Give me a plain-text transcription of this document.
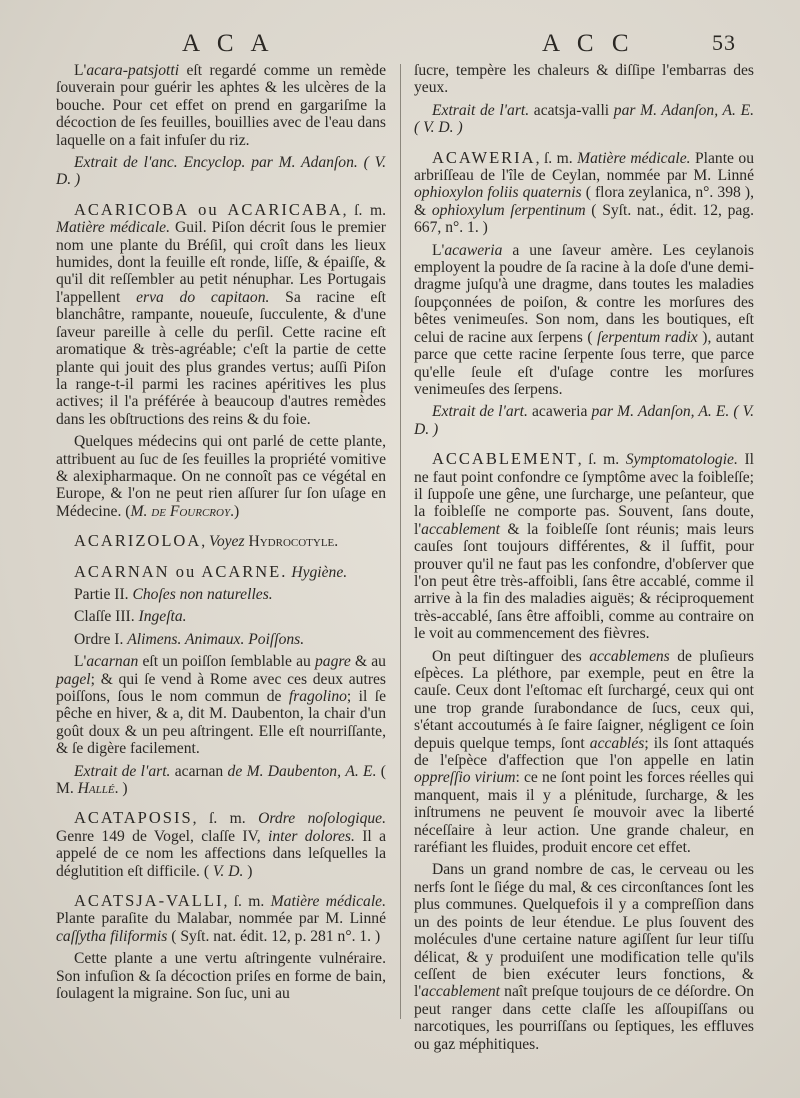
A C A	A C C	53

L'acara-patsjotti eſt regardé comme un remède ſouverain pour guérir les aphtes & les ulcères de la bouche. Pour cet effet on prend en gargariſme la décoction de ſes feuilles, bouillies avec de l'eau dans laquelle on a fait infuſer du riz.

Extrait de l'anc. Encyclop. par M. Adanſon. ( V. D. )

ACARICOBA ou ACARICABA, ſ. m. Matière médicale. Guil. Piſon décrit ſous le premier nom une plante du Bréſil, qui croît dans les lieux humides, dont la feuille eſt ronde, liſſe, & épaiſſe, & qu'il dit reſſembler au petit nénuphar. Les Portugais l'appellent erva do capitaon. Sa racine eſt blanchâtre, rampante, noueuſe, ſucculente, & d'une ſaveur pareille à celle du perſil. Cette racine eſt aromatique & très-agréable; c'eſt la partie de cette plante qui jouit des plus grandes vertus; auſſi Piſon la range-t-il parmi les racines apéritives les plus actives; il l'a préférée à beaucoup d'autres remèdes dans les obſtructions des reins & du foie.

Quelques médecins qui ont parlé de cette plante, attribuent au ſuc de ſes feuilles la propriété vomitive & alexipharmaque. On ne connoît pas ce végétal en Europe, & l'on ne peut rien aſſurer ſur ſon uſage en Médecine. (M. de Fourcroy.)

ACARIZOLOA, Voyez Hydrocotyle.

ACARNAN ou ACARNE. Hygiène.

Partie II. Choſes non naturelles.

Claſſe III. Ingeſta.

Ordre I. Alimens. Animaux. Poiſſons.

L'acarnan eſt un poiſſon ſemblable au pagre & au pagel; & qui ſe vend à Rome avec ces deux autres poiſſons, ſous le nom commun de fragolino; il ſe pêche en hiver, & a, dit M. Daubenton, la chair d'un goût doux & un peu aſtringent. Elle eſt nourriſſante, & ſe digère facilement.

Extrait de l'art. acarnan de M. Daubenton, A. E. ( M. Hallé. )

ACATAPOSIS, ſ. m. Ordre noſologique. Genre 149 de Vogel, claſſe IV, inter dolores. Il a appelé de ce nom les affections dans leſquelles la déglutition eſt difficile. ( V. D. )

ACATSJA-VALLI, ſ. m. Matière médicale. Plante paraſite du Malabar, nommée par M. Linné caſſytha filiformis ( Syſt. nat. édit. 12, p. 281 n°. 1. )

Cette plante a une vertu aſtringente vulnéraire. Son infuſion & ſa décoction priſes en forme de bain, ſoulagent la migraine. Son ſuc, uni au

ſucre, tempère les chaleurs & diſſipe l'embarras des yeux.

Extrait de l'art. acatsja-valli par M. Adanſon, A. E. ( V. D. )

ACAWERIA, ſ. m. Matière médicale. Plante ou arbriſſeau de l'île de Ceylan, nommée par M. Linné ophioxylon foliis quaternis ( flora zeylanica, n°. 398 ), & ophioxylum ſerpentinum ( Syſt. nat., édit. 12, pag. 667, n°. 1. )

L'acaweria a une ſaveur amère. Les ceylanois employent la poudre de ſa racine à la doſe d'une demi-dragme juſqu'à une dragme, dans toutes les maladies ſoupçonnées de poiſon, & contre les morſures des bêtes venimeuſes. Son nom, dans les boutiques, eſt celui de racine aux ſerpens ( ſerpentum radix ), autant parce que cette racine ſerpente ſous terre, que parce qu'elle ſeule eſt d'uſage contre les morſures venimeuſes des ſerpens.

Extrait de l'art. acaweria par M. Adanſon, A. E. ( V. D. )

ACCABLEMENT, ſ. m. Symptomatologie. Il ne faut point confondre ce ſymptôme avec la foibleſſe; il ſuppoſe une gêne, une ſurcharge, une peſanteur, que la foibleſſe ne comporte pas. Souvent, ſans doute, l'accablement & la foibleſſe ſont réunis; mais leurs cauſes ſont toujours différentes, & il ſuffit, pour prouver qu'il ne faut pas les confondre, d'obſerver que l'on peut être très-affoibli, ſans être accablé, comme il arrive à la fin des maladies aiguës; & réciproquement très-accablé, ſans être affoibli, comme au contraire on le voit au commencement des fièvres.

On peut diſtinguer des accablemens de pluſieurs eſpèces. La pléthore, par exemple, peut en être la cauſe. Ceux dont l'eſtomac eſt ſurchargé, ceux qui ont une trop grande ſurabondance de ſucs, ceux qui, s'étant accoutumés à ſe faire ſaigner, négligent ce ſoin depuis quelque temps, ſont accablés; ils ſont attaqués de l'eſpèce d'affection que l'on appelle en latin oppreſſio virium: ce ne ſont point les forces réelles qui manquent, mais il y a plénitude, ſurcharge, & les inſtrumens ne peuvent ſe mouvoir avec la liberté néceſſaire à leur action. Une grande chaleur, en raréfiant les fluides, produit encore cet effet.

Dans un grand nombre de cas, le cerveau ou les nerfs ſont le ſiége du mal, & ces circonſtances ſont les plus communes. Quelquefois il y a compreſſion dans un des points de leur étendue. Le plus ſouvent des molécules d'une certaine nature agiſſent ſur leur tiſſu délicat, & y produiſent une modification telle qu'ils ceſſent de bien exécuter leurs fonctions, & l'accablement naît preſque toujours de ce déſordre. On peut ranger dans cette claſſe les aſſoupiſſans ou narcotiques, les pourriſſans ou ſeptiques, les effluves ou gaz méphitiques.
